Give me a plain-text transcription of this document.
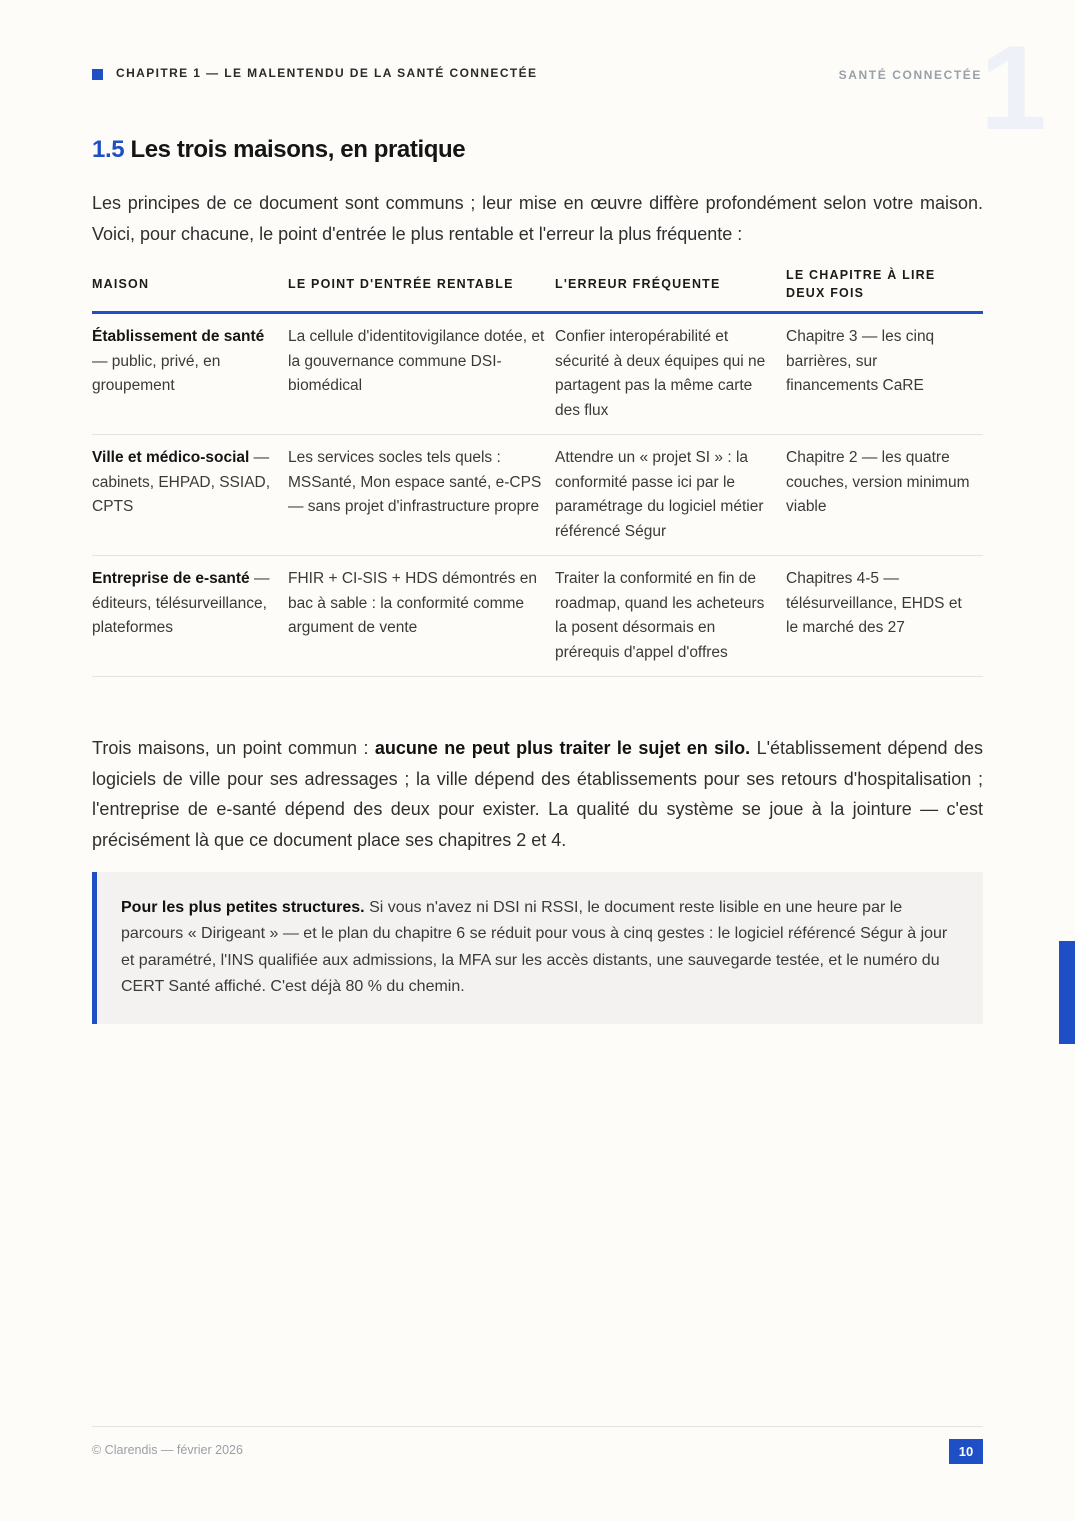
CHAPITRE 1 — LE MALENTENDU DE LA SANTÉ CONNECTÉE	1
SANTÉ CONNECTÉE
1.5 Les trois maisons, en pratique

Les principes de ce document sont communs ; leur mise en œuvre diffère profondément selon votre maison. Voici, pour chacune, le point d'entrée le plus rentable et l'erreur la plus fréquente :

MAISON	LE POINT D'ENTRÉE RENTABLE	L'ERREUR FRÉQUENTE	LE CHAPITRE À LIRE DEUX FOIS
Établissement de santé — public, privé, en groupement	La cellule d'identitovigilance dotée, et la gouvernance commune DSI-biomédical	Confier interopérabilité et sécurité à deux équipes qui ne partagent pas la même carte des flux	Chapitre 3 — les cinq barrières, sur financements CaRE
Ville et médico-social — cabinets, EHPAD, SSIAD, CPTS	Les services socles tels quels : MSSanté, Mon espace santé, e-CPS — sans projet d'infrastructure propre	Attendre un « projet SI » : la conformité passe ici par le paramétrage du logiciel métier référencé Ségur	Chapitre 2 — les quatre couches, version minimum viable
Entreprise de e-santé — éditeurs, télésurveillance, plateformes	FHIR + CI-SIS + HDS démontrés en bac à sable : la conformité comme argument de vente	Traiter la conformité en fin de roadmap, quand les acheteurs la posent désormais en prérequis d'appel d'offres	Chapitres 4-5 — télésurveillance, EHDS et le marché des 27

Trois maisons, un point commun : aucune ne peut plus traiter le sujet en silo. L'établissement dépend des logiciels de ville pour ses adressages ; la ville dépend des établissements pour ses retours d'hospitalisation ; l'entreprise de e-santé dépend des deux pour exister. La qualité du système se joue à la jointure — c'est précisément là que ce document place ses chapitres 2 et 4.

Pour les plus petites structures. Si vous n'avez ni DSI ni RSSI, le document reste lisible en une heure par le parcours « Dirigeant » — et le plan du chapitre 6 se réduit pour vous à cinq gestes : le logiciel référencé Ségur à jour et paramétré, l'INS qualifiée aux admissions, la MFA sur les accès distants, une sauvegarde testée, et le numéro du CERT Santé affiché. C'est déjà 80 % du chemin.
© Clarendis — février 2026	10
